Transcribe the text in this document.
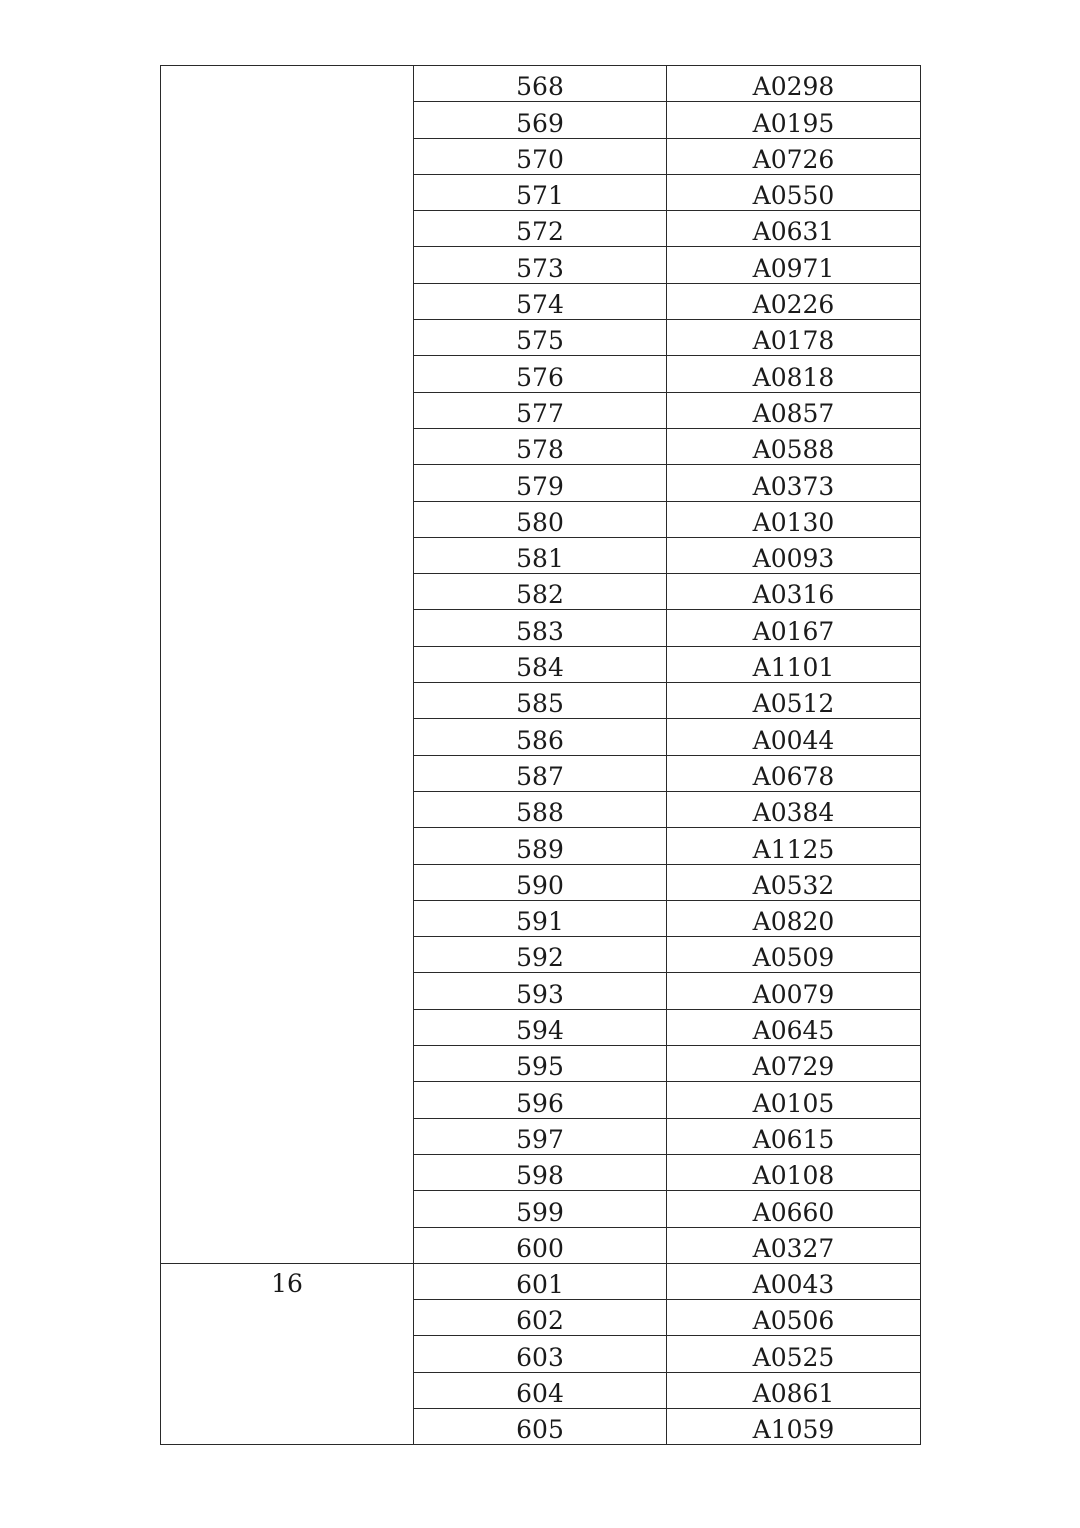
	568	A0298
	569	A0195
	570	A0726
	571	A0550
	572	A0631
	573	A0971
	574	A0226
	575	A0178
	576	A0818
	577	A0857
	578	A0588
	579	A0373
	580	A0130
	581	A0093
	582	A0316
	583	A0167
	584	A1101
	585	A0512
	586	A0044
	587	A0678
	588	A0384
	589	A1125
	590	A0532
	591	A0820
	592	A0509
	593	A0079
	594	A0645
	595	A0729
	596	A0105
	597	A0615
	598	A0108
	599	A0660
	600	A0327
16	601	A0043
	602	A0506
	603	A0525
	604	A0861
	605	A1059
